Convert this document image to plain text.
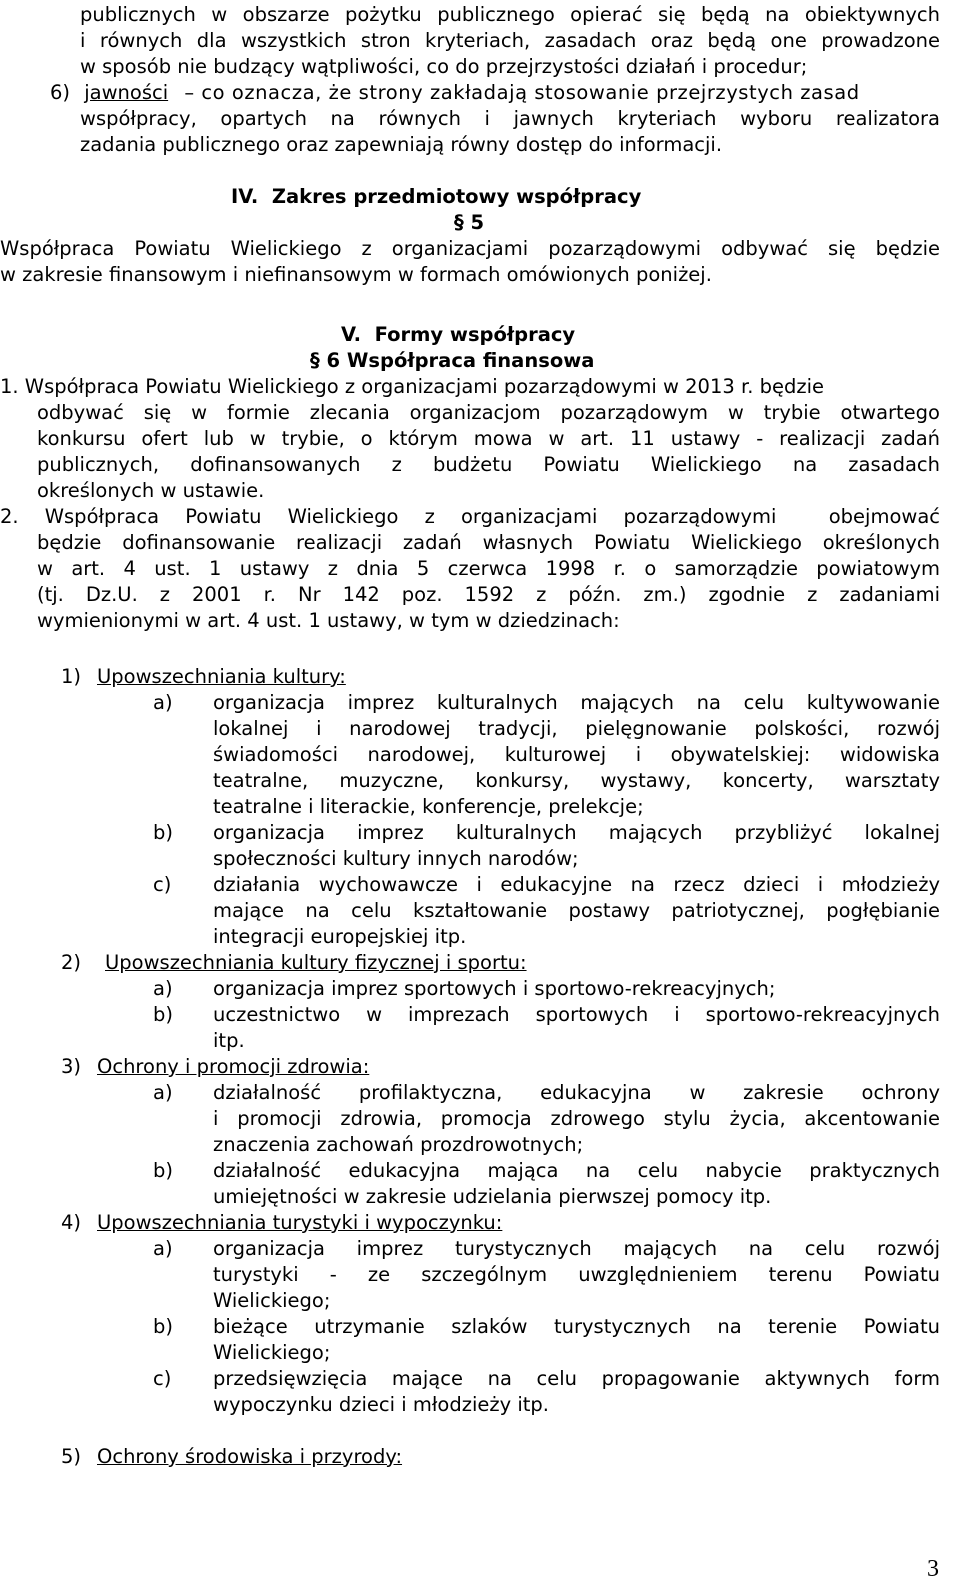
publicznych w obszarze pożytku publicznego opierać się będą na obiektywnych
i równych dla wszystkich stron kryteriach, zasadach oraz będą one prowadzone
w sposób nie budzący wątpliwości, co do przejrzystości działań i procedur;
6) jawności – co oznacza, że strony zakładają stosowanie przejrzystych zasad
współpracy, opartych na równych i jawnych kryteriach wyboru realizatora
zadania publicznego oraz zapewniają równy dostęp do informacji.
IV.  Zakres przedmiotowy współpracy
§ 5
Współpraca Powiatu Wielickiego z organizacjami pozarządowymi odbywać się będzie
w zakresie finansowym i niefinansowym w formach omówionych poniżej.
V.  Formy współpracy
§ 6 Współpraca finansowa
1. Współpraca Powiatu Wielickiego z organizacjami pozarządowymi w 2013 r. będzie
odbywać się w formie zlecania organizacjom pozarządowym w trybie otwartego
konkursu ofert lub w trybie, o którym mowa w art. 11 ustawy - realizacji zadań
publicznych, dofinansowanych z budżetu Powiatu Wielickiego na zasadach
określonych w ustawie.
2. Współpraca Powiatu Wielickiego z organizacjami pozarządowymi  obejmować
będzie dofinansowanie realizacji zadań własnych Powiatu Wielickiego określonych
w art. 4 ust. 1 ustawy z dnia 5 czerwca 1998 r. o samorządzie powiatowym
(tj. Dz.U. z 2001 r. Nr 142 poz. 1592 z późn. zm.) zgodnie z zadaniami
wymienionymi w art. 4 ust. 1 ustawy, w tym w dziedzinach:
1) Upowszechniania kultury:
a) organizacja imprez kulturalnych mających na celu kultywowanie
lokalnej i narodowej tradycji, pielęgnowanie polskości, rozwój
świadomości narodowej, kulturowej i obywatelskiej: widowiska
teatralne, muzyczne, konkursy, wystawy, koncerty, warsztaty
teatralne i literackie, konferencje, prelekcje;
b) organizacja imprez kulturalnych mających przybliżyć lokalnej
społeczności kultury innych narodów;
c) działania wychowawcze i edukacyjne na rzecz dzieci i młodzieży
mające na celu kształtowanie postawy patriotycznej, pogłębianie
integracji europejskiej itp.
2) Upowszechniania kultury fizycznej i sportu:
a) organizacja imprez sportowych i sportowo-rekreacyjnych;
b) uczestnictwo w imprezach sportowych i sportowo-rekreacyjnych
itp.
3) Ochrony i promocji zdrowia:
a) działalność profilaktyczna, edukacyjna w zakresie ochrony
i promocji zdrowia, promocja zdrowego stylu życia, akcentowanie
znaczenia zachowań prozdrowotnych;
b) działalność edukacyjna mająca na celu nabycie praktycznych
umiejętności w zakresie udzielania pierwszej pomocy itp.
4) Upowszechniania turystyki i wypoczynku:
a) organizacja imprez turystycznych mających na celu rozwój
turystyki - ze szczególnym uwzględnieniem terenu Powiatu
Wielickiego;
b) bieżące utrzymanie szlaków turystycznych na terenie Powiatu
Wielickiego;
c) przedsięwzięcia mające na celu propagowanie aktywnych form
wypoczynku dzieci i młodzieży itp.
5) Ochrony środowiska i przyrody:
3
